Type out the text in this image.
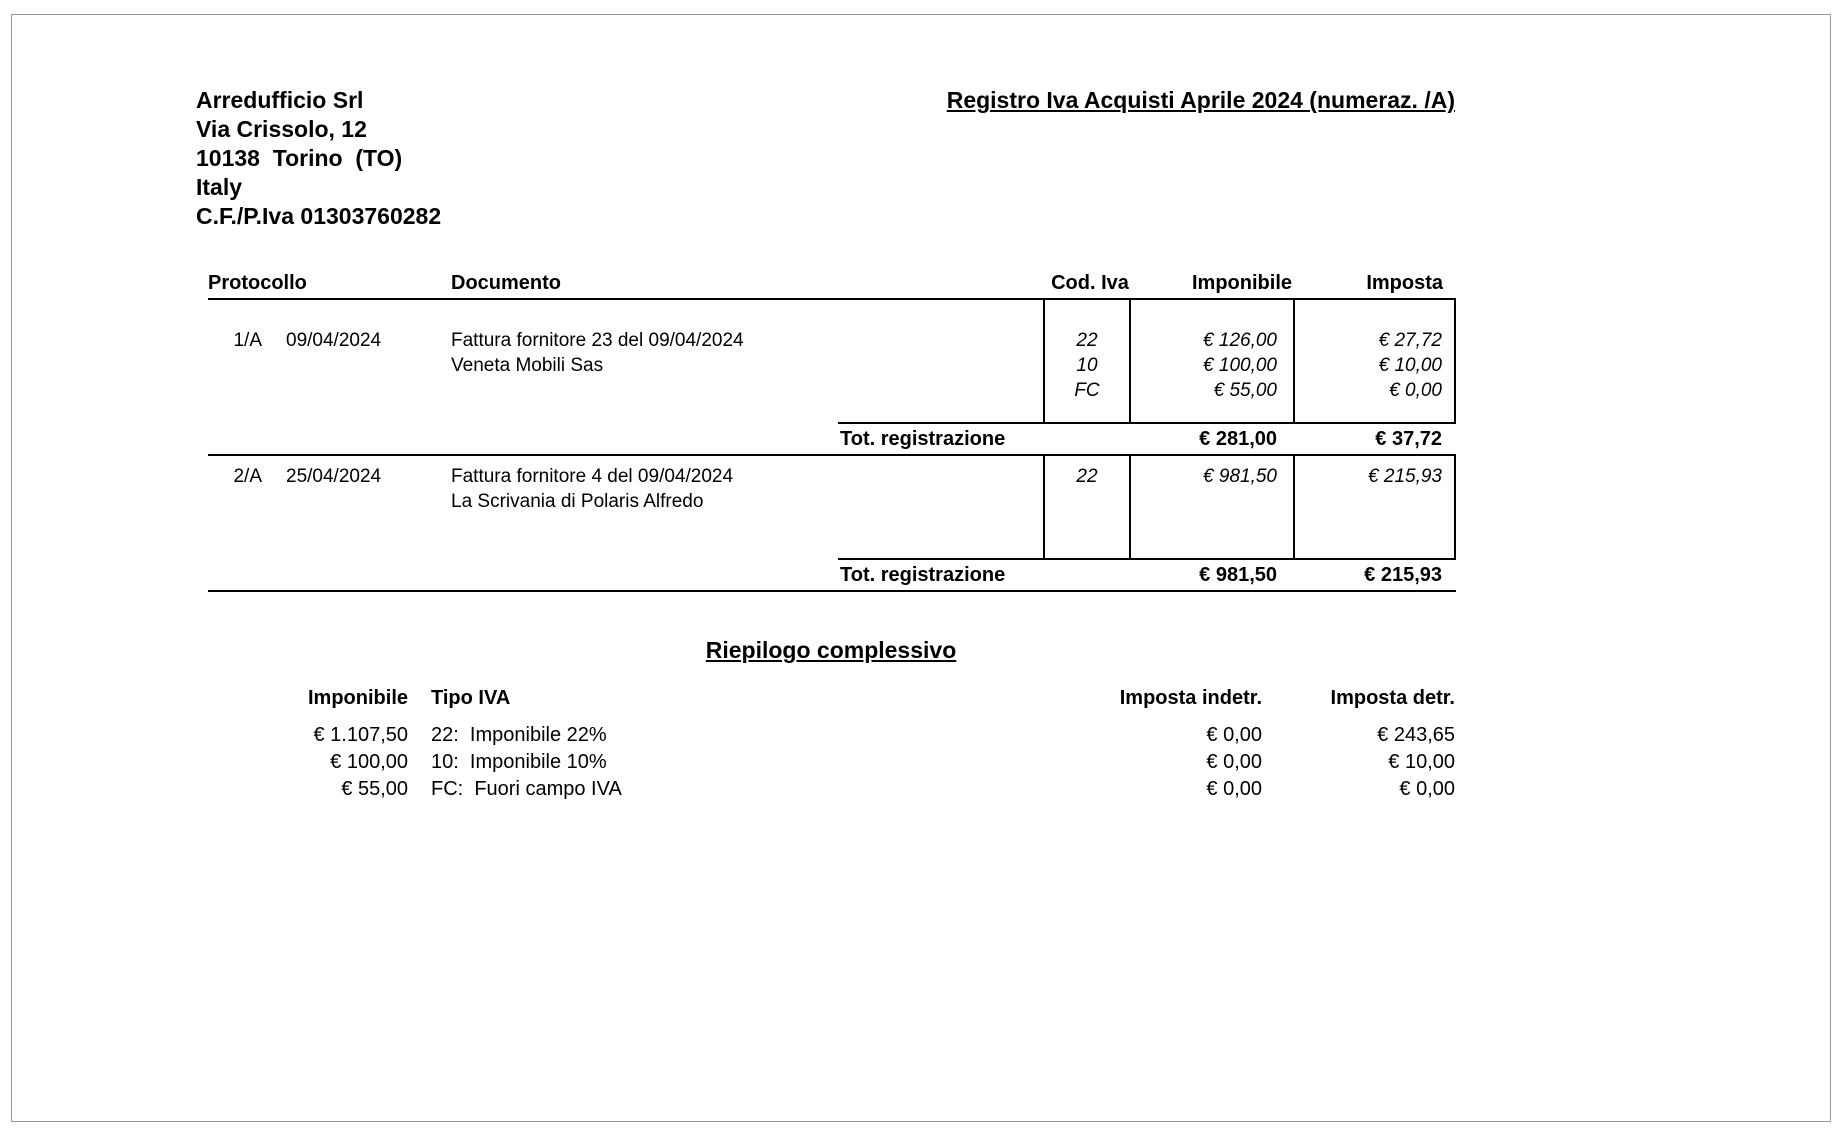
Arredufficio Srl
Via Crissolo, 12
10138  Torino  (TO)
Italy
C.F./P.Iva 01303760282
Registro Iva Acquisti Aprile 2024 (numeraz. /A)
Protocollo	Documento	Cod. Iva	Imponibile	Imposta
1/A 09/04/2024	Fattura fornitore 23 del 09/04/2024
Veneta Mobili Sas
22	€ 126,00	€ 27,72
10	€ 100,00	€ 10,00
FC	€ 55,00	€ 0,00
Tot. registrazione	€ 281,00	€ 37,72
2/A 25/04/2024	Fattura fornitore 4 del 09/04/2024
La Scrivania di Polaris Alfredo
22	€ 981,50	€ 215,93
Tot. registrazione	€ 981,50	€ 215,93
Riepilogo complessivo
Imponibile Tipo IVA	Imposta indetr.	Imposta detr.
€ 1.107,50 22:  Imponibile 22%	€ 0,00	€ 243,65
€ 100,00 10:  Imponibile 10%	€ 0,00	€ 10,00
€ 55,00 FC:  Fuori campo IVA	€ 0,00	€ 0,00
